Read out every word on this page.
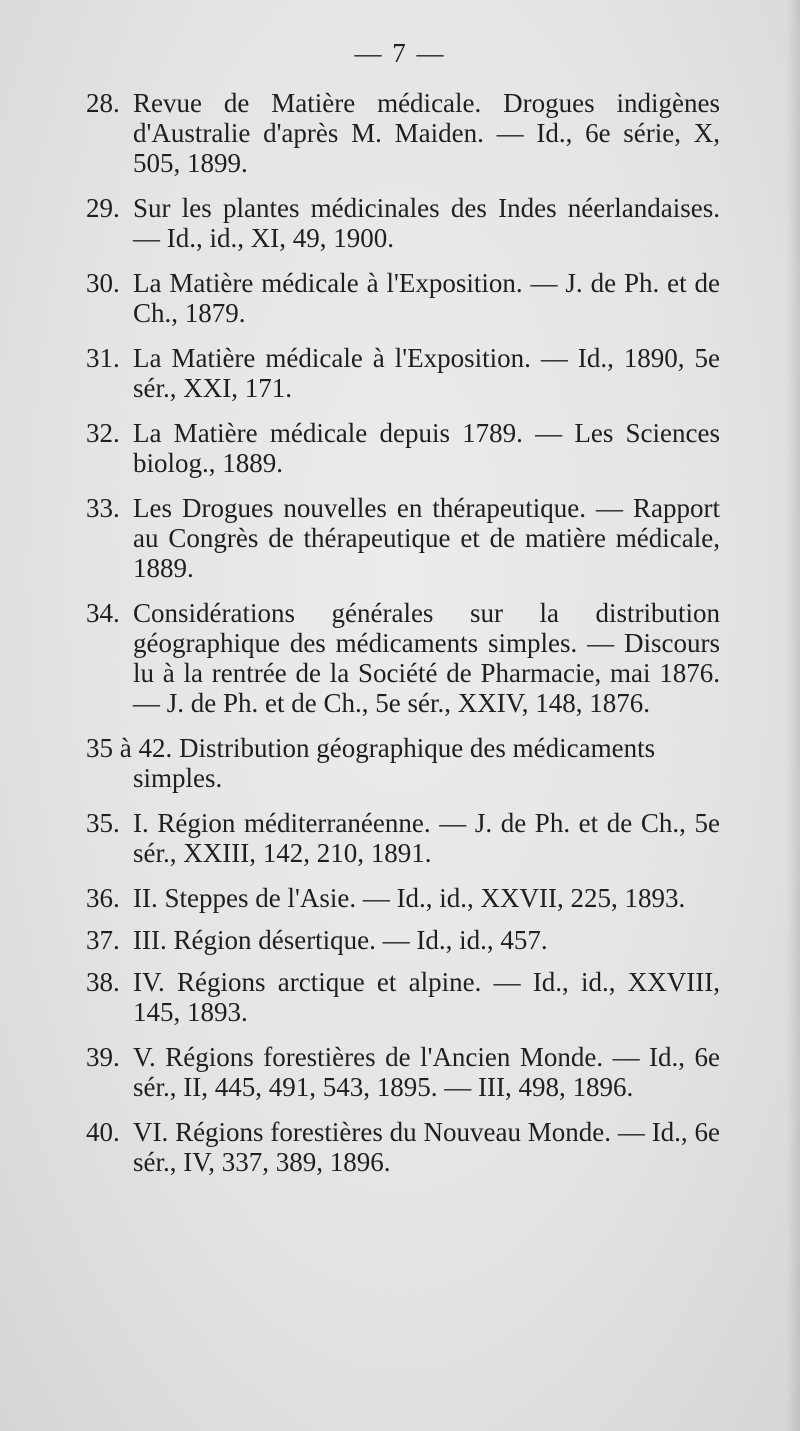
— 7 —
28. Revue de Matière médicale. Drogues indigènes d'Australie d'après M. Maiden. — Id., 6e série, X, 505, 1899.
29. Sur les plantes médicinales des Indes néerlandaises. — Id., id., XI, 49, 1900.
30. La Matière médicale à l'Exposition. — J. de Ph. et de Ch., 1879.
31. La Matière médicale à l'Exposition. — Id., 1890, 5e sér., XXI, 171.
32. La Matière médicale depuis 1789. — Les Sciences biolog., 1889.
33. Les Drogues nouvelles en thérapeutique. — Rapport au Congrès de thérapeutique et de matière médicale, 1889.
34. Considérations générales sur la distribution géographique des médicaments simples. — Discours lu à la rentrée de la Société de Pharmacie, mai 1876. — J. de Ph. et de Ch., 5e sér., XXIV, 148, 1876.
35 à 42. Distribution géographique des médicaments
simples.
35. I. Région méditerranéenne. — J. de Ph. et de Ch., 5e sér., XXIII, 142, 210, 1891.
36. II. Steppes de l'Asie. — Id., id., XXVII, 225, 1893.
37. III. Région désertique. — Id., id., 457.
38. IV. Régions arctique et alpine. — Id., id., XXVIII, 145, 1893.
39. V. Régions forestières de l'Ancien Monde. — Id., 6e sér., II, 445, 491, 543, 1895. — III, 498, 1896.
40. VI. Régions forestières du Nouveau Monde. — Id., 6e sér., IV, 337, 389, 1896.
